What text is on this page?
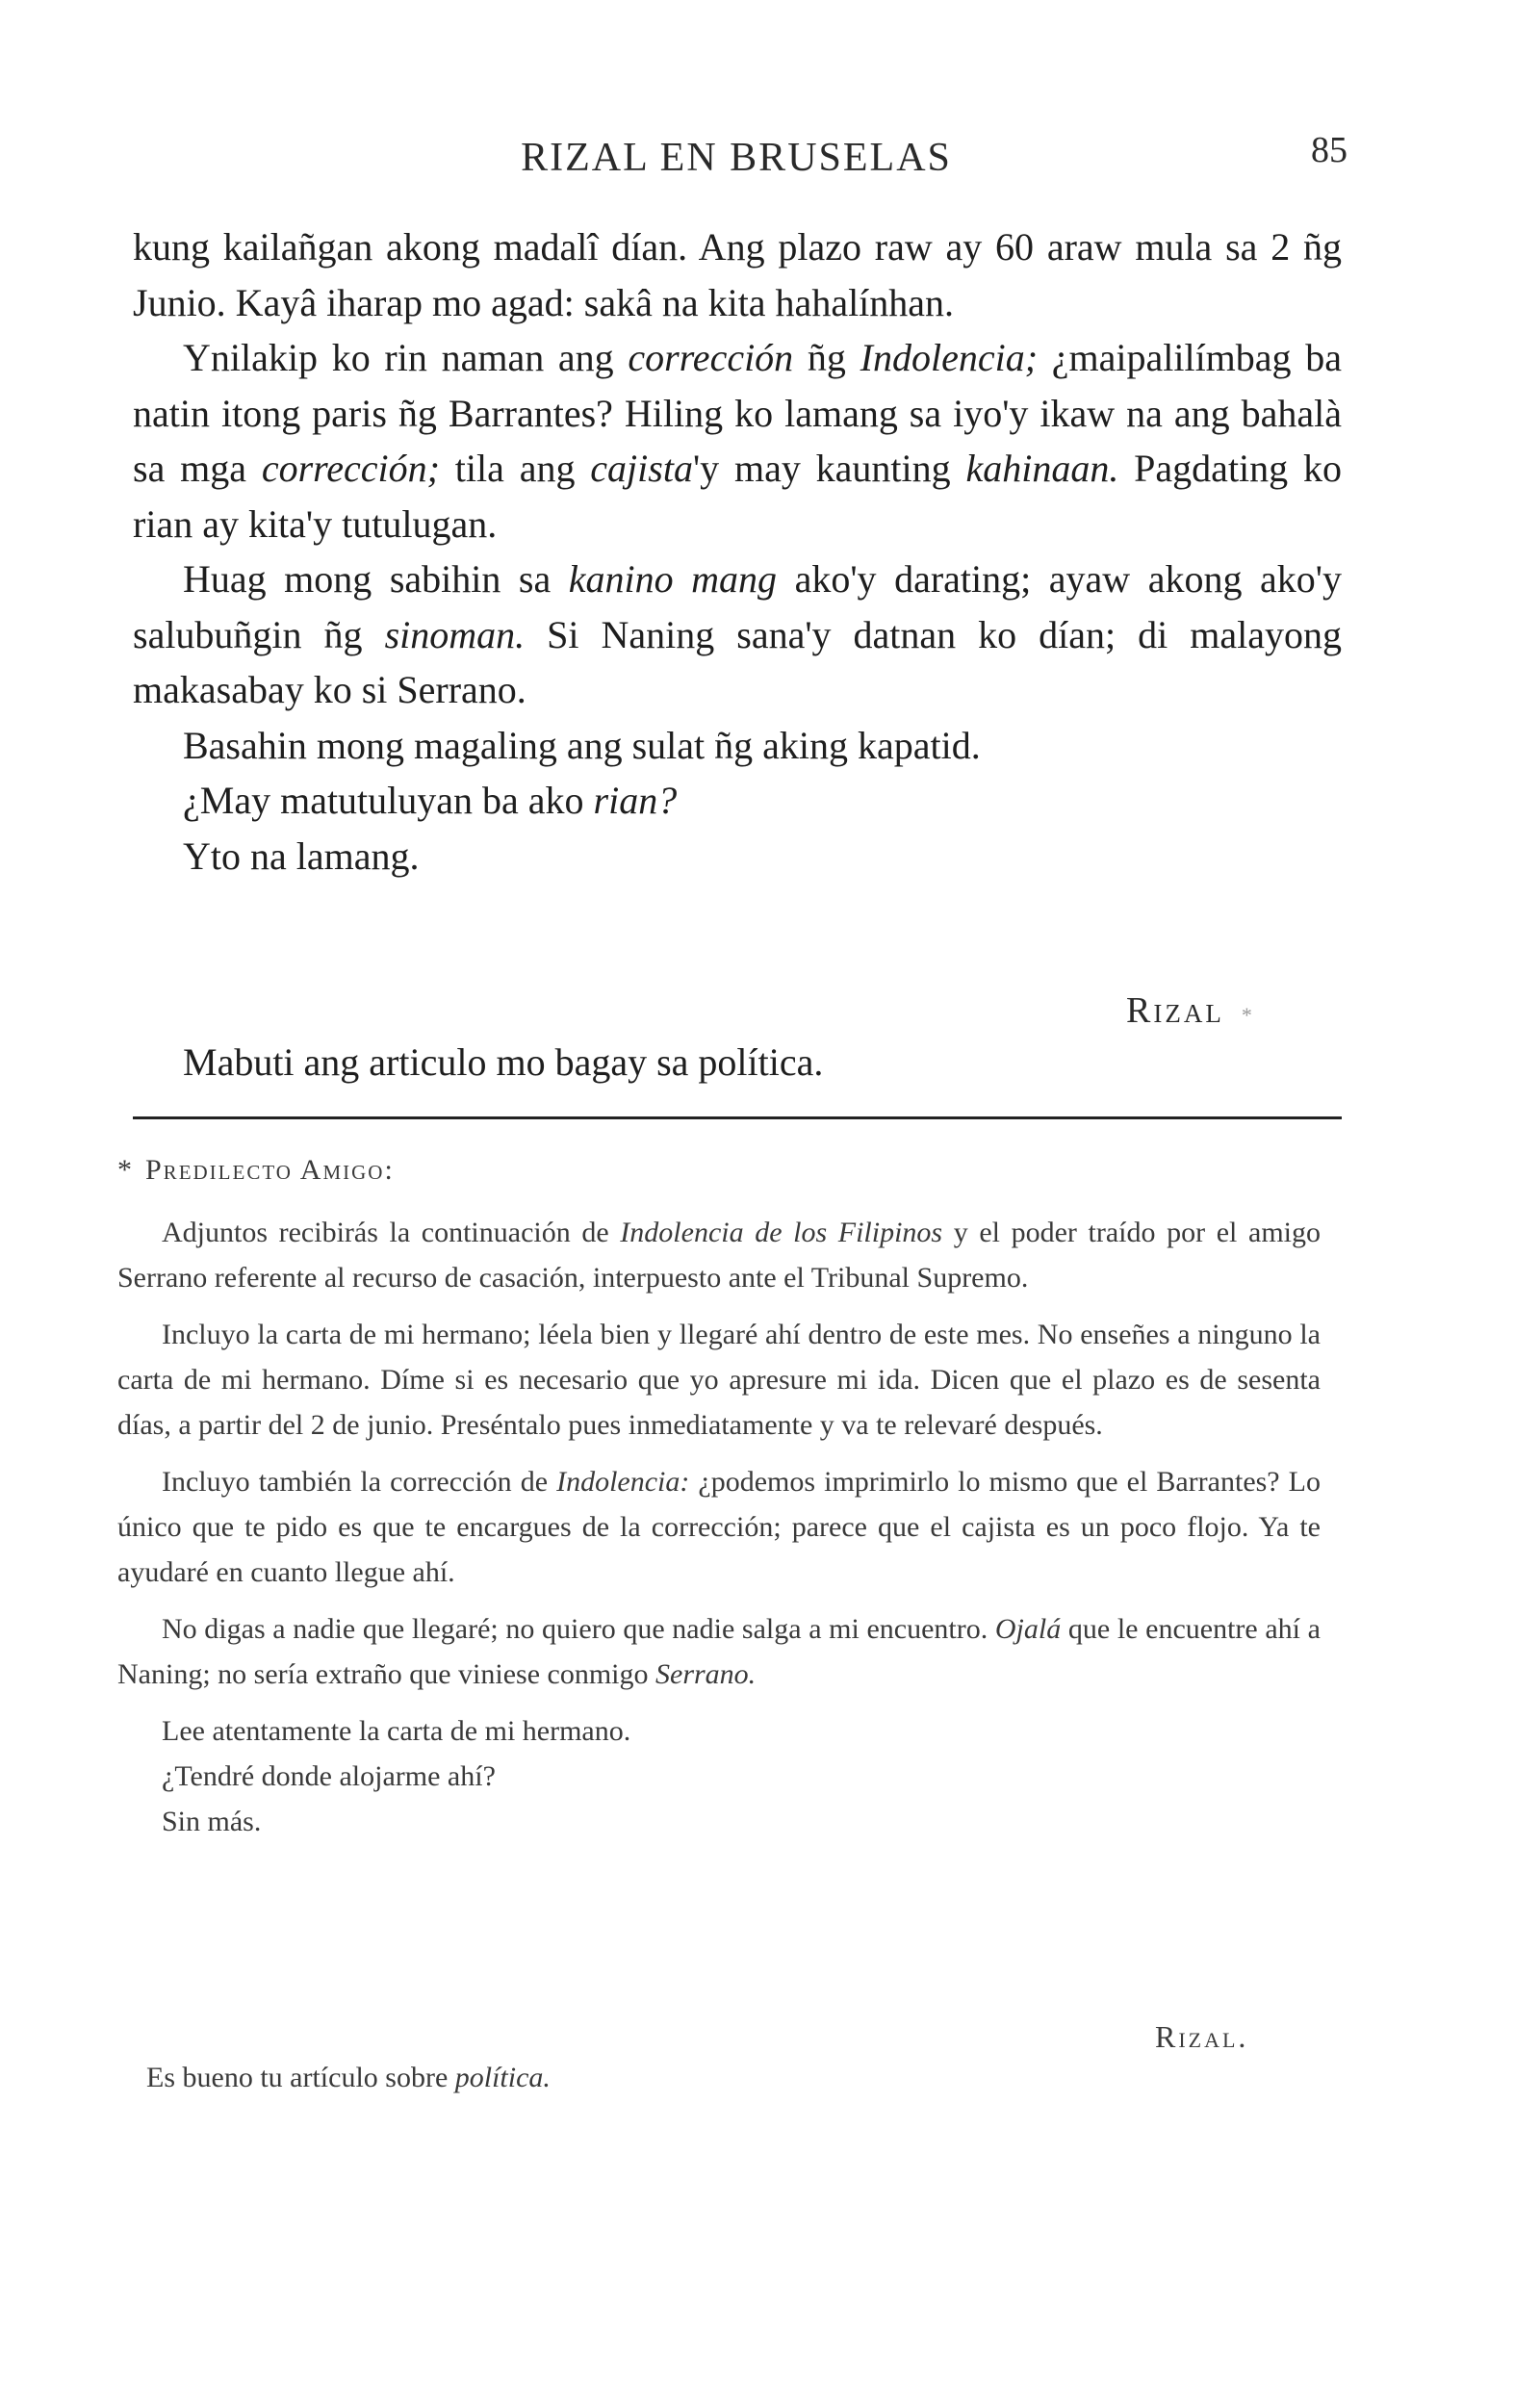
RIZAL EN BRUSELAS	85

kung kailañgan akong madalî dían. Ang plazo raw ay 60 araw mula sa 2 ñg Junio. Kayâ iharap mo agad: sakâ na kita hahalínhan.

Ynilakip ko rin naman ang corrección ñg Indolencia; ¿maipalilímbag ba natin itong paris ñg Barrantes? Hiling ko lamang sa iyo'y ikaw na ang bahalà sa mga corrección; tila ang cajista'y may kaunting kahinaan. Pagdating ko rian ay kita'y tutulugan.

Huag mong sabihin sa kanino mang ako'y darating; ayaw akong ako'y salubuñgin ñg sinoman. Si Naning sana'y datnan ko dían; di malayong makasabay ko si Serrano.

Basahin mong magaling ang sulat ñg aking kapatid.

¿May matutuluyan ba ako rian?

Yto na lamang.

Rizal *
Mabuti ang articulo mo bagay sa política.
* Predilecto Amigo:

Adjuntos recibirás la continuación de Indolencia de los Filipinos y el poder traído por el amigo Serrano referente al recurso de casación, interpuesto ante el Tribunal Supremo.

Incluyo la carta de mi hermano; léela bien y llegaré ahí dentro de este mes. No enseñes a ninguno la carta de mi hermano. Díme si es necesario que yo apresure mi ida. Dicen que el plazo es de sesenta días, a partir del 2 de junio. Preséntalo pues inmediatamente y va te relevaré después.

Incluyo también la corrección de Indolencia: ¿podemos imprimirlo lo mismo que el Barrantes? Lo único que te pido es que te encargues de la corrección; parece que el cajista es un poco flojo. Ya te ayudaré en cuanto llegue ahí.

No digas a nadie que llegaré; no quiero que nadie salga a mi encuentro. Ojalá que le encuentre ahí a Naning; no sería extraño que viniese conmigo Serrano.

Lee atentamente la carta de mi hermano.

¿Tendré donde alojarme ahí?

Sin más.

Rizal.
Es bueno tu artículo sobre política.
